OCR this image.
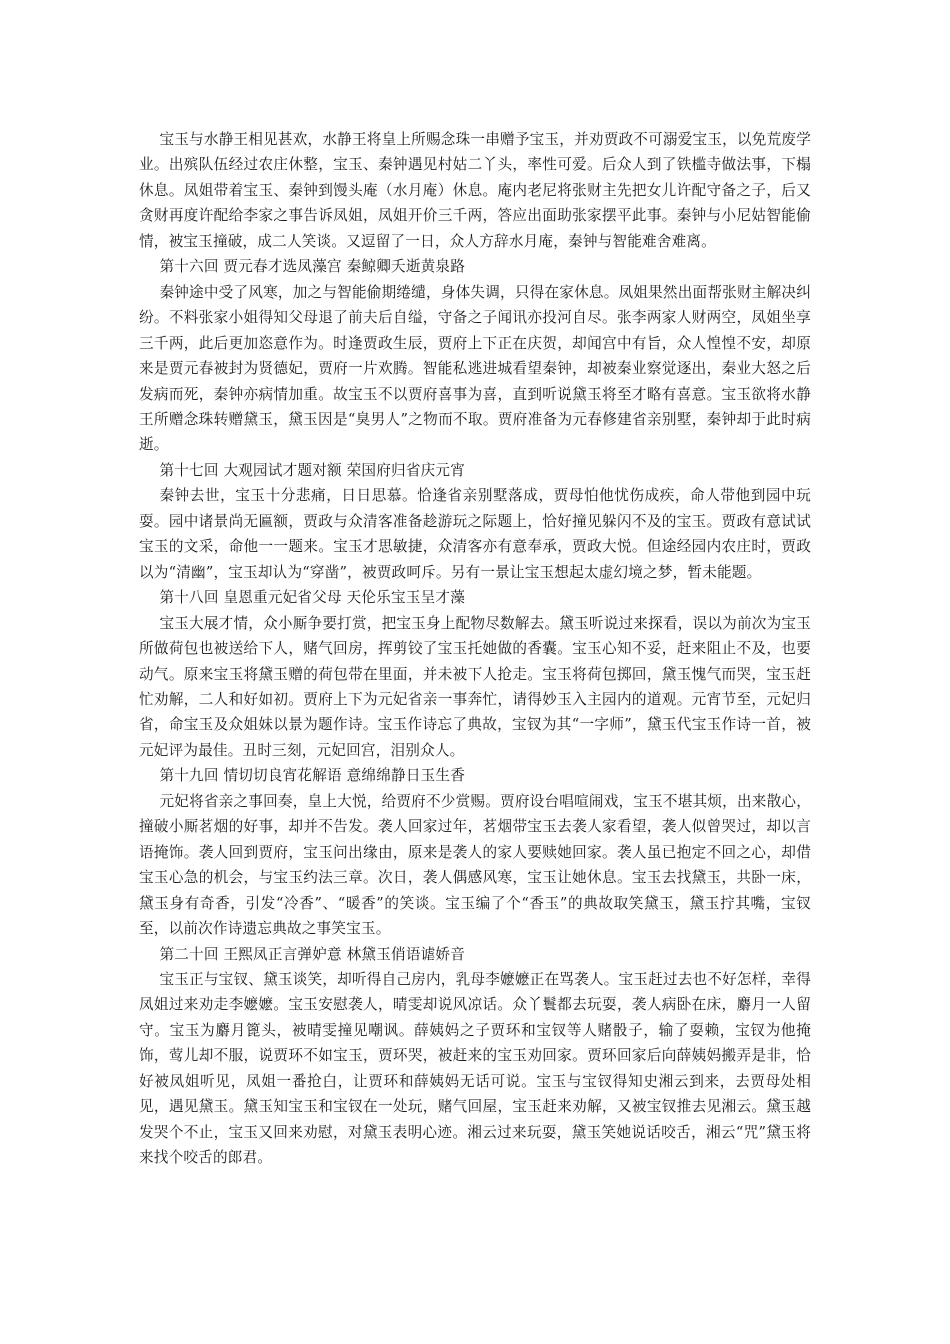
宝玉与水静王相见甚欢，水静王将皇上所赐念珠一串赠予宝玉，并劝贾政不可溺爱宝玉，以免荒废学业。出殡队伍经过农庄休整，宝玉、秦钟遇见村姑二丫头，率性可爱。后众人到了铁槛寺做法事，下榻休息。凤姐带着宝玉、秦钟到馒头庵（水月庵）休息。庵内老尼将张财主先把女儿许配守备之子，后又贪财再度许配给李家之事告诉凤姐，凤姐开价三千两，答应出面助张家摆平此事。秦钟与小尼姑智能偷情，被宝玉撞破，成二人笑谈。又逗留了一日，众人方辞水月庵，秦钟与智能难舍难离。

第十六回 贾元春才选凤藻宫 秦鲸卿夭逝黄泉路

秦钟途中受了风寒，加之与智能偷期绻缱，身体失调，只得在家休息。凤姐果然出面帮张财主解决纠纷。不料张家小姐得知父母退了前夫后自缢，守备之子闻讯亦投河自尽。张李两家人财两空，凤姐坐享三千两，此后更加恣意作为。时逢贾政生辰，贾府上下正在庆贺，却闻宫中有旨，众人惶惶不安，却原来是贾元春被封为贤德妃，贾府一片欢腾。智能私逃进城看望秦钟，却被秦业察觉逐出，秦业大怒之后发病而死，秦钟亦病情加重。故宝玉不以贾府喜事为喜，直到听说黛玉将至才略有喜意。宝玉欲将水静王所赠念珠转赠黛玉，黛玉因是“臭男人”之物而不取。贾府准备为元春修建省亲别墅，秦钟却于此时病逝。

第十七回 大观园试才题对额 荣国府归省庆元宵

秦钟去世，宝玉十分悲痛，日日思慕。恰逢省亲别墅落成，贾母怕他忧伤成疾，命人带他到园中玩耍。园中诸景尚无匾额，贾政与众清客准备趁游玩之际题上，恰好撞见躲闪不及的宝玉。贾政有意试试宝玉的文采，命他一一题来。宝玉才思敏捷，众清客亦有意奉承，贾政大悦。但途经园内农庄时，贾政以为“清幽”，宝玉却认为“穿凿”，被贾政呵斥。另有一景让宝玉想起太虚幻境之梦，暂未能题。

第十八回 皇恩重元妃省父母 天伦乐宝玉呈才藻

宝玉大展才情，众小厮争要打赏，把宝玉身上配物尽数解去。黛玉听说过来探看，误以为前次为宝玉所做荷包也被送给下人，赌气回房，挥剪铰了宝玉托她做的香囊。宝玉心知不妥，赶来阻止不及，也要动气。原来宝玉将黛玉赠的荷包带在里面，并未被下人抢走。宝玉将荷包掷回，黛玉愧气而哭，宝玉赶忙劝解，二人和好如初。贾府上下为元妃省亲一事奔忙，请得妙玉入主园内的道观。元宵节至，元妃归省，命宝玉及众姐妹以景为题作诗。宝玉作诗忘了典故，宝钗为其“一字师”，黛玉代宝玉作诗一首，被元妃评为最佳。丑时三刻，元妃回宫，泪别众人。

第十九回 情切切良宵花解语 意绵绵静日玉生香

元妃将省亲之事回奏，皇上大悦，给贾府不少赏赐。贾府设台唱喧闹戏，宝玉不堪其烦，出来散心，撞破小厮茗烟的好事，却并不告发。袭人回家过年，茗烟带宝玉去袭人家看望，袭人似曾哭过，却以言语掩饰。袭人回到贾府，宝玉问出缘由，原来是袭人的家人要赎她回家。袭人虽已抱定不回之心，却借宝玉心急的机会，与宝玉约法三章。次日，袭人偶感风寒，宝玉让她休息。宝玉去找黛玉，共卧一床，黛玉身有奇香，引发“冷香”、“暖香”的笑谈。宝玉编了个“香玉”的典故取笑黛玉，黛玉拧其嘴，宝钗至，以前次作诗遗忘典故之事笑宝玉。

第二十回 王熙凤正言弹妒意 林黛玉俏语谑娇音

宝玉正与宝钗、黛玉谈笑，却听得自己房内，乳母李嬷嬷正在骂袭人。宝玉赶过去也不好怎样，幸得凤姐过来劝走李嬷嬷。宝玉安慰袭人，晴雯却说风凉话。众丫鬟都去玩耍，袭人病卧在床，麝月一人留守。宝玉为麝月篦头，被晴雯撞见嘲讽。薛姨妈之子贾环和宝钗等人赌骰子，输了耍赖，宝钗为他掩饰，莺儿却不服，说贾环不如宝玉，贾环哭，被赶来的宝玉劝回家。贾环回家后向薛姨妈搬弄是非，恰好被凤姐听见，凤姐一番抢白，让贾环和薛姨妈无话可说。宝玉与宝钗得知史湘云到来，去贾母处相见，遇见黛玉。黛玉知宝玉和宝钗在一处玩，赌气回屋，宝玉赶来劝解，又被宝钗推去见湘云。黛玉越发哭个不止，宝玉又回来劝慰，对黛玉表明心迹。湘云过来玩耍，黛玉笑她说话咬舌，湘云“咒”黛玉将来找个咬舌的郎君。
